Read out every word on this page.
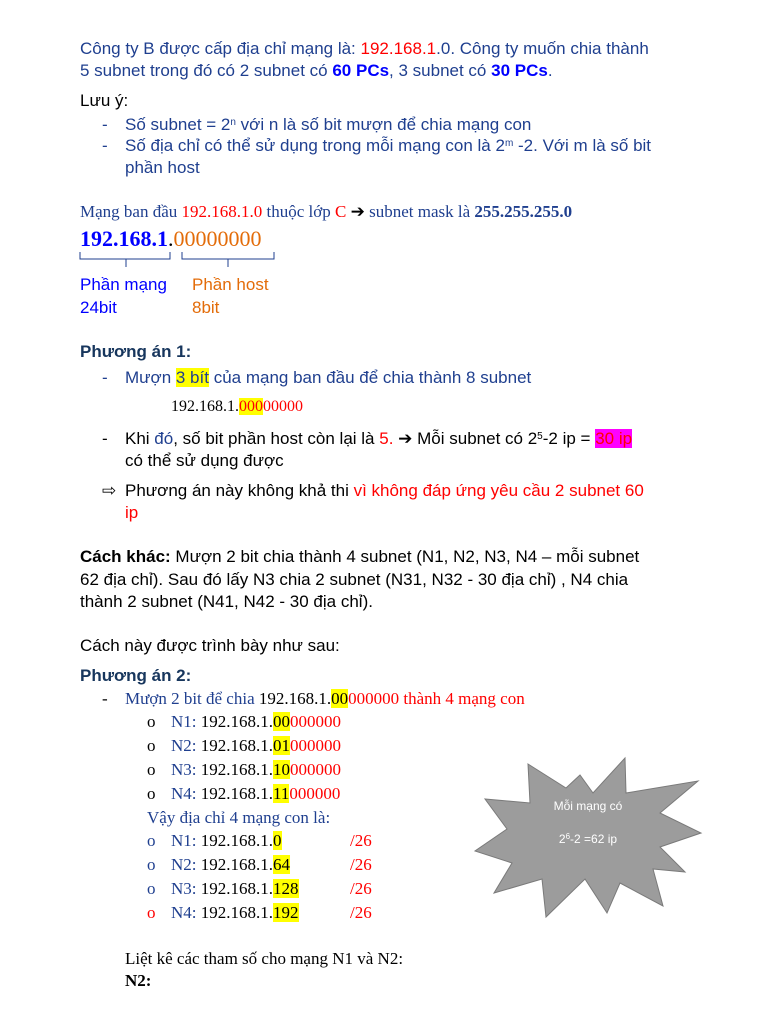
Công ty B được cấp địa chỉ mạng là: 192.168.1.0. Công ty muốn chia thành
5 subnet trong đó có 2 subnet có 60 PCs, 3 subnet có 30 PCs.
Lưu ý:
- Số subnet = $2^n$ với n là số bit mượn để chia mạng con
- Số địa chỉ có thể sử dụng trong mỗi mạng con là 2$^m$ -2. Với m là số bit
phần host
Mạng ban đầu 192.168.1.0 thuộc lớp C ➔ subnet mask là 255.255.255.0
192.168.1.00000000
Phần mạng
24bit
Phần host
8bit
Phương án 1:
- Mượn 3 bít của mạng ban đầu để chia thành 8 subnet
192.168.1.00000000
- Khi đó, số bit phần host còn lại là 5. ➔ Mỗi subnet có $2^5-2$ ip = 30 ip
có thể sử dụng được
⇨ Phương án này không khả thi vì không đáp ứng yêu cầu 2 subnet 60
ip
Cách khác: Mượn 2 bit chia thành 4 subnet (N1, N2, N3, N4 – mỗi subnet
62 địa chỉ). Sau đó lấy N3 chia 2 subnet (N31, N32 - 30 địa chỉ) , N4 chia
thành 2 subnet (N41, N42 - 30 địa chỉ).
Cách này được trình bày như sau:
Phương án 2:
- Mượn 2 bit để chia 192.168.1.00000000 thành 4 mạng con
o N1: 192.168.1.00000000
o N2: 192.168.1.01000000
o N3: 192.168.1.10000000
o N4: 192.168.1.11000000
Vậy địa chỉ 4 mạng con là:
o N1: 192.168.1.0	/26
o N2: 192.168.1.64	/26
o N3: 192.168.1.128	/26
o N4: 192.168.1.192	/26
Liệt kê các tham số cho mạng N1 và N2:
N2:
Mỗi mạng có
$2^6-2 =62$ ip
